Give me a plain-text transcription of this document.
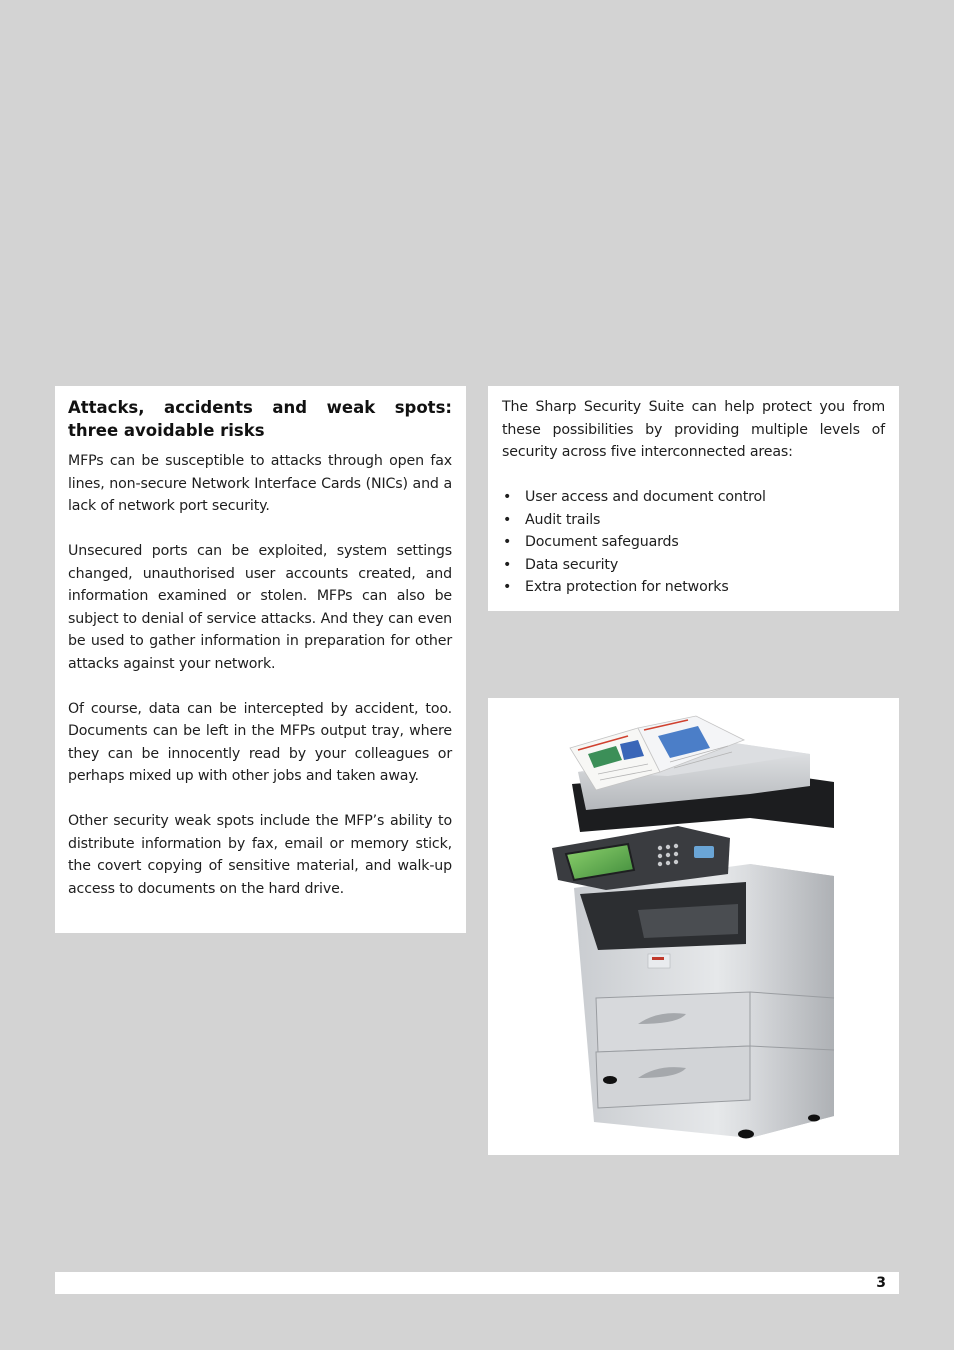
Attacks, accidents and weak spots: three avoidable risks

MFPs can be susceptible to attacks through open fax lines, non-secure Network Interface Cards (NICs) and a lack of network port security.

Unsecured ports can be exploited, system settings changed, unauthorised user accounts created, and information examined or stolen. MFPs can also be subject to denial of service attacks. And they can even be used to gather information in preparation for other attacks against your network.

Of course, data can be intercepted by accident, too. Documents can be left in the MFPs output tray, where they can be innocently read by your colleagues or perhaps mixed up with other jobs and taken away.

Other security weak spots include the MFP’s ability to distribute information by fax, email or memory stick, the covert copying of sensitive material, and walk-up access to documents on the hard drive.

The Sharp Security Suite can help protect you from these possibilities by providing multiple levels of security across five interconnected areas:

• User access and document control
• Audit trails
• Document safeguards
• Data security
• Extra protection for networks
3
